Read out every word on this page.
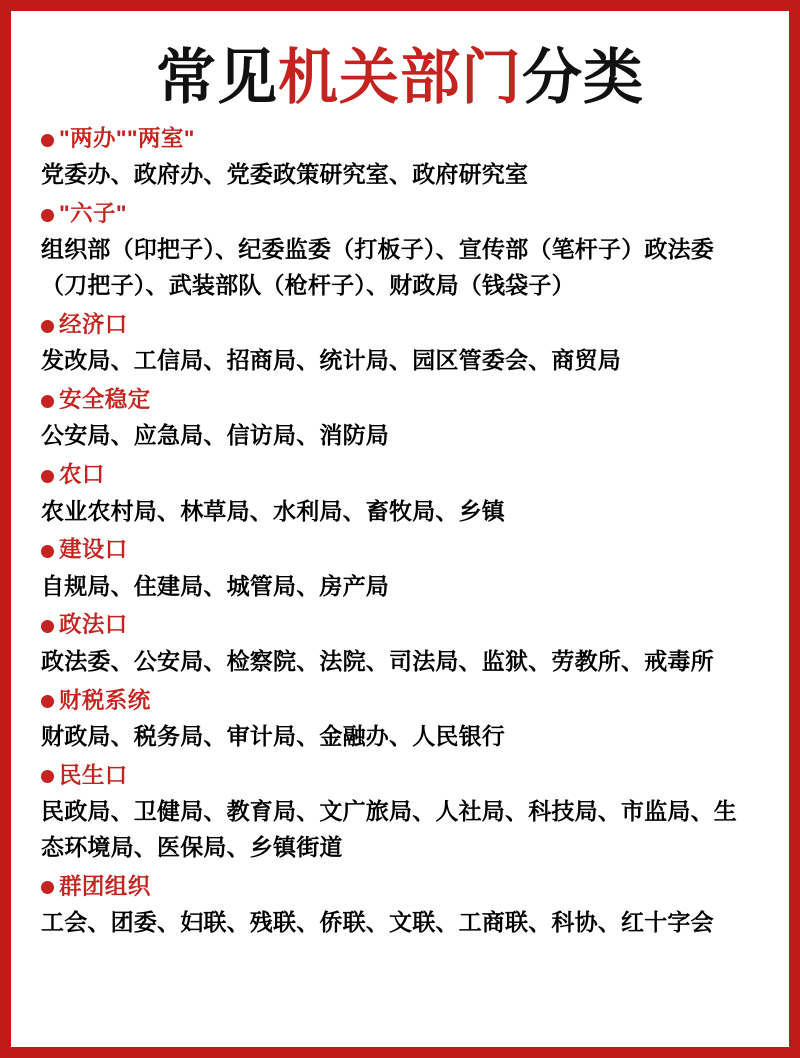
常见机关部门分类
"两办""两室"
党委办、政府办、党委政策研究室、政府研究室
"六子"
组织部（印把子）、纪委监委（打板子）、宣传部（笔杆子）政法委（刀把子）、武装部队（枪杆子）、财政局（钱袋子）
经济口
发改局、工信局、招商局、统计局、园区管委会、商贸局
安全稳定
公安局、应急局、信访局、消防局
农口
农业农村局、林草局、水利局、畜牧局、乡镇
建设口
自规局、住建局、城管局、房产局
政法口
政法委、公安局、检察院、法院、司法局、监狱、劳教所、戒毒所
财税系统
财政局、税务局、审计局、金融办、人民银行
民生口
民政局、卫健局、教育局、文广旅局、人社局、科技局、市监局、生态环境局、医保局、乡镇街道
群团组织
工会、团委、妇联、残联、侨联、文联、工商联、科协、红十字会
